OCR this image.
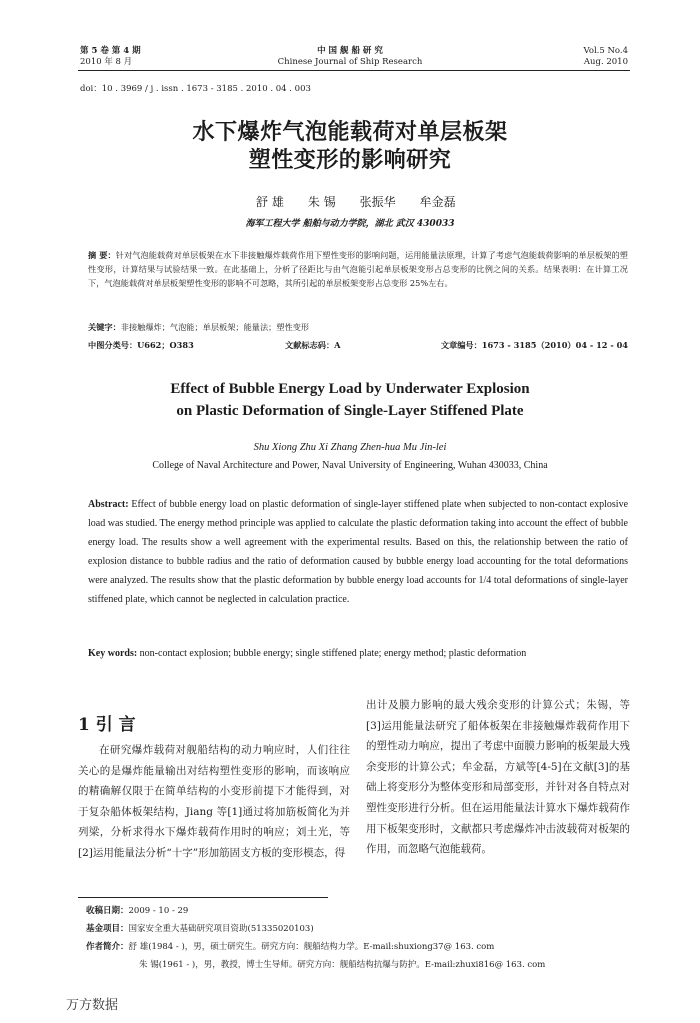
第 5 卷 第 4 期
2010 年 8 月
中 国 舰 船 研 究
Chinese Journal of Ship Research
Vol.5 No.4
Aug. 2010
doi：10 . 3969 / j . issn . 1673 - 3185 . 2010 . 04 . 003
水下爆炸气泡能载荷对单层板架
塑性变形的影响研究
舒 雄 朱 锡 张振华 牟金磊
海军工程大学 船舶与动力学院，湖北 武汉 430033
摘 要：针对气泡能载荷对单层板架在水下非接触爆炸载荷作用下塑性变形的影响问题，运用能量法原理，计算了考虑气泡能载荷影响的单层板架的塑性变形，计算结果与试验结果一致。在此基础上，分析了径距比与由气泡能引起单层板架变形占总变形的比例之间的关系。结果表明：在计算工况下，气泡能载荷对单层板架塑性变形的影响不可忽略，其所引起的单层板架变形占总变形 25%左右。
关键字：非接触爆炸；气泡能；单层板架；能量法；塑性变形
中图分类号：U662；O383	文献标志码：A	文章编号：1673 - 3185（2010）04 - 12 - 04
Effect of Bubble Energy Load by Underwater Explosion
on Plastic Deformation of Single-Layer Stiffened Plate
Shu Xiong Zhu Xi Zhang Zhen-hua Mu Jin-lei
College of Naval Architecture and Power, Naval University of Engineering, Wuhan 430033, China
Abstract: Effect of bubble energy load on plastic deformation of single-layer stiffened plate when subjected to non-contact explosive load was studied. The energy method principle was applied to calculate the plastic deformation taking into account the effect of bubble energy load. The results show a well agreement with the experimental results. Based on this, the relationship between the ratio of explosion distance to bubble radius and the ratio of deformation caused by bubble energy load accounting for the total deformations were analyzed. The results show that the plastic deformation by bubble energy load accounts for 1/4 total deformations of single-layer stiffened plate, which cannot be neglected in calculation practice.
Key words: non-contact explosion; bubble energy; single stiffened plate; energy method; plastic deformation
1 引 言

在研究爆炸载荷对舰船结构的动力响应时，人们往往关心的是爆炸能量输出对结构塑性变形的影响，而该响应的精确解仅限于在简单结构的小变形前提下才能得到，对于复杂船体板架结构，Jiang 等[1]通过将加筋板简化为并列梁，分析求得水下爆炸载荷作用时的响应；刘土光，等[2]运用能量法分析“十字”形加筋固支方板的变形模态，得

出计及膜力影响的最大残余变形的计算公式；朱锡，等[3]运用能量法研究了船体板架在非接触爆炸载荷作用下的塑性动力响应，提出了考虑中面膜力影响的板架最大残余变形的计算公式；牟金磊，方斌等[4-5]在文献[3]的基础上将变形分为整体变形和局部变形，并针对各自特点对塑性变形进行分析。但在运用能量法计算水下爆炸载荷作用下板架变形时，文献都只考虑爆炸冲击波载荷对板架的作用，而忽略气泡能载荷。

收稿日期：2009 - 10 - 29
基金项目：国家安全重大基础研究项目资助(51335020103)
作者简介：舒 雄(1984 - )，男，硕士研究生。研究方向：舰船结构力学。E-mail:shuxiong37@ 163. com
朱 锡(1961 - )，男，教授，博士生导师。研究方向：舰船结构抗爆与防护。E-mail:zhuxi816@ 163. com
万方数据
